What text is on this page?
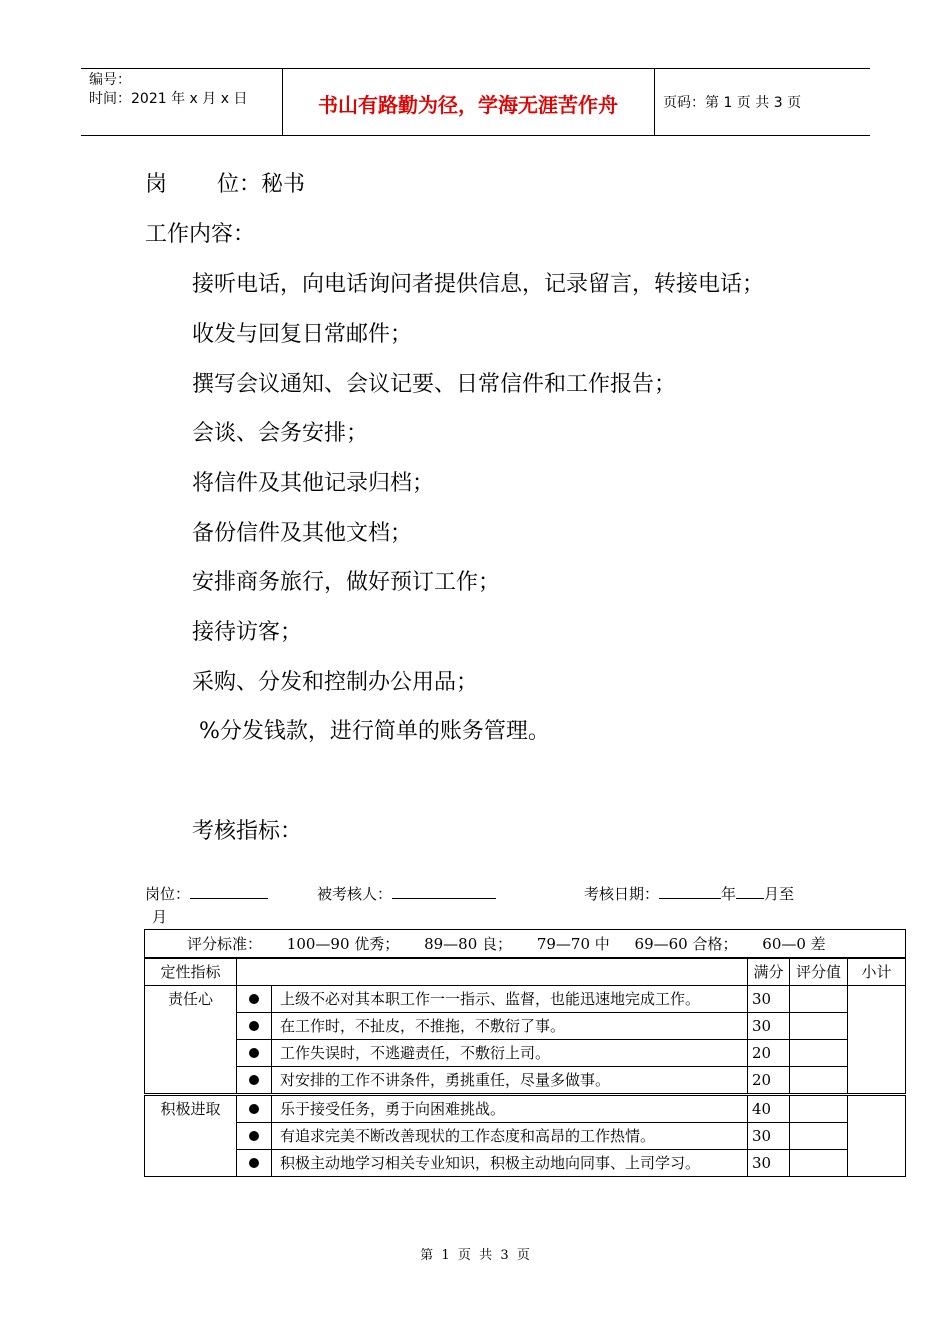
编号：
时间：2021 年 x 月 x 日	书山有路勤为径，学海无涯苦作舟	页码：第 1 页 共 3 页
岗 位：秘书
工作内容：
接听电话，向电话询问者提供信息，记录留言，转接电话；
收发与回复日常邮件；
撰写会议通知、会议记要、日常信件和工作报告；
会谈、会务安排；
将信件及其他记录归档；
备份信件及其他文档；
安排商务旅行，做好预订工作；
接待访客；
采购、分发和控制办公用品；
%分发钱款，进行简单的账务管理。
考核指标：
岗位：	被考核人：	考核日期：	年 月至
月
评分标准： 100—90 优秀； 89—80 良； 79—70 中 69—60 合格； 60—0 差					
定性指标			满分	评分值	小计
责任心		上级不必对其本职工作一一指示、监督，也能迅速地完成工作。	30		
		在工作时，不扯皮，不推拖，不敷衍了事。	30		
		工作失误时，不逃避责任，不敷衍上司。	20		
		对安排的工作不讲条件，勇挑重任，尽量多做事。	20		
积极进取		乐于接受任务，勇于向困难挑战。	40		
		有追求完美不断改善现状的工作态度和高昂的工作热情。	30		
		积极主动地学习相关专业知识，积极主动地向同事、上司学习。	30		
第  1  页  共  3  页
